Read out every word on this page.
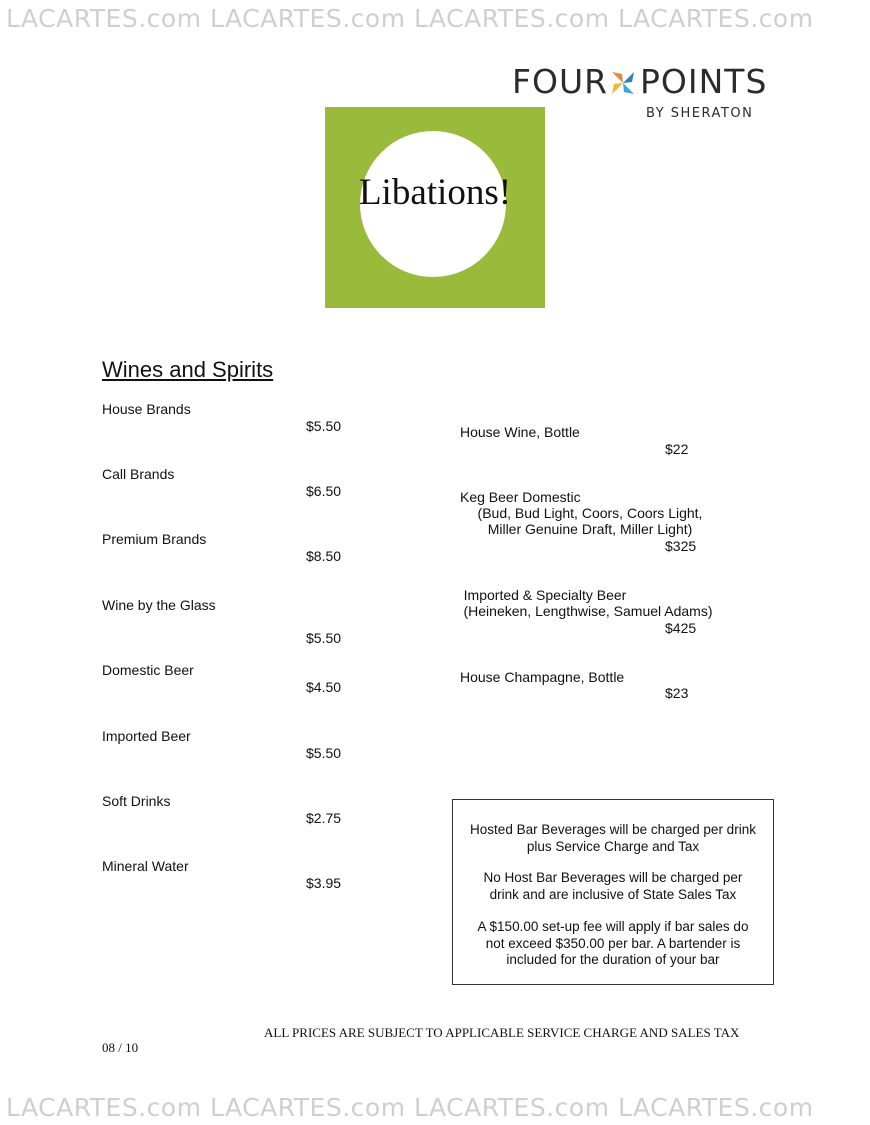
LACARTES.com LACARTES.com LACARTES.com LACARTES.com
LACARTES.com LACARTES.com LACARTES.com LACARTES.com
FOUR POINTS
BY SHERATON
Libations!
Wines and Spirits
House Brands
$5.50
Call Brands
$6.50
Premium Brands
$8.50
Wine by the Glass
$5.50
Domestic Beer
$4.50
Imported Beer
$5.50
Soft Drinks
$2.75
Mineral Water
$3.95
House Wine, Bottle
$22
Keg Beer Domestic
(Bud, Bud Light, Coors, Coors Light,
Miller Genuine Draft, Miller Light)
$325
Imported & Specialty Beer
(Heineken, Lengthwise, Samuel Adams)
$425
House Champagne, Bottle
$23
Hosted Bar Beverages will be charged per drink
plus Service Charge and Tax
No Host Bar Beverages will be charged per
drink and are inclusive of State Sales Tax
A $150.00 set-up fee will apply if bar sales do
not exceed $350.00 per bar. A bartender is
included for the duration of your bar
ALL PRICES ARE SUBJECT TO APPLICABLE SERVICE CHARGE AND SALES TAX
08 / 10
